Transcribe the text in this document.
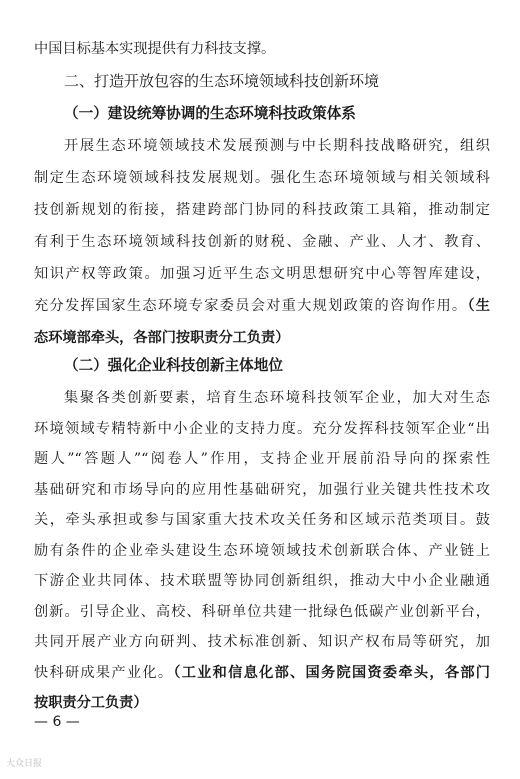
中国目标基本实现提供有力科技支撑。
二、打造开放包容的生态环境领域科技创新环境
（一）建设统筹协调的生态环境科技政策体系
开展生态环境领域技术发展预测与中长期科技战略研究，组织
制定生态环境领域科技发展规划。强化生态环境领域与相关领域科
技创新规划的衔接，搭建跨部门协同的科技政策工具箱，推动制定
有利于生态环境领域科技创新的财税、金融、产业、人才、教育、
知识产权等政策。加强习近平生态文明思想研究中心等智库建设，
充分发挥国家生态环境专家委员会对重大规划政策的咨询作用。（生
态环境部牵头，各部门按职责分工负责）
（二）强化企业科技创新主体地位
集聚各类创新要素，培育生态环境科技领军企业，加大对生态
环境领域专精特新中小企业的支持力度。充分发挥科技领军企业“出
题人”“答题人”“阅卷人”作用，支持企业开展前沿导向的探索性
基础研究和市场导向的应用性基础研究，加强行业关键共性技术攻
关，牵头承担或参与国家重大技术攻关任务和区域示范类项目。鼓
励有条件的企业牵头建设生态环境领域技术创新联合体、产业链上
下游企业共同体、技术联盟等协同创新组织，推动大中小企业融通
创新。引导企业、高校、科研单位共建一批绿色低碳产业创新平台，
共同开展产业方向研判、技术标准创新、知识产权布局等研究，加
快科研成果产业化。（工业和信息化部、国务院国资委牵头，各部门
按职责分工负责）
— 6 —
大众日报
